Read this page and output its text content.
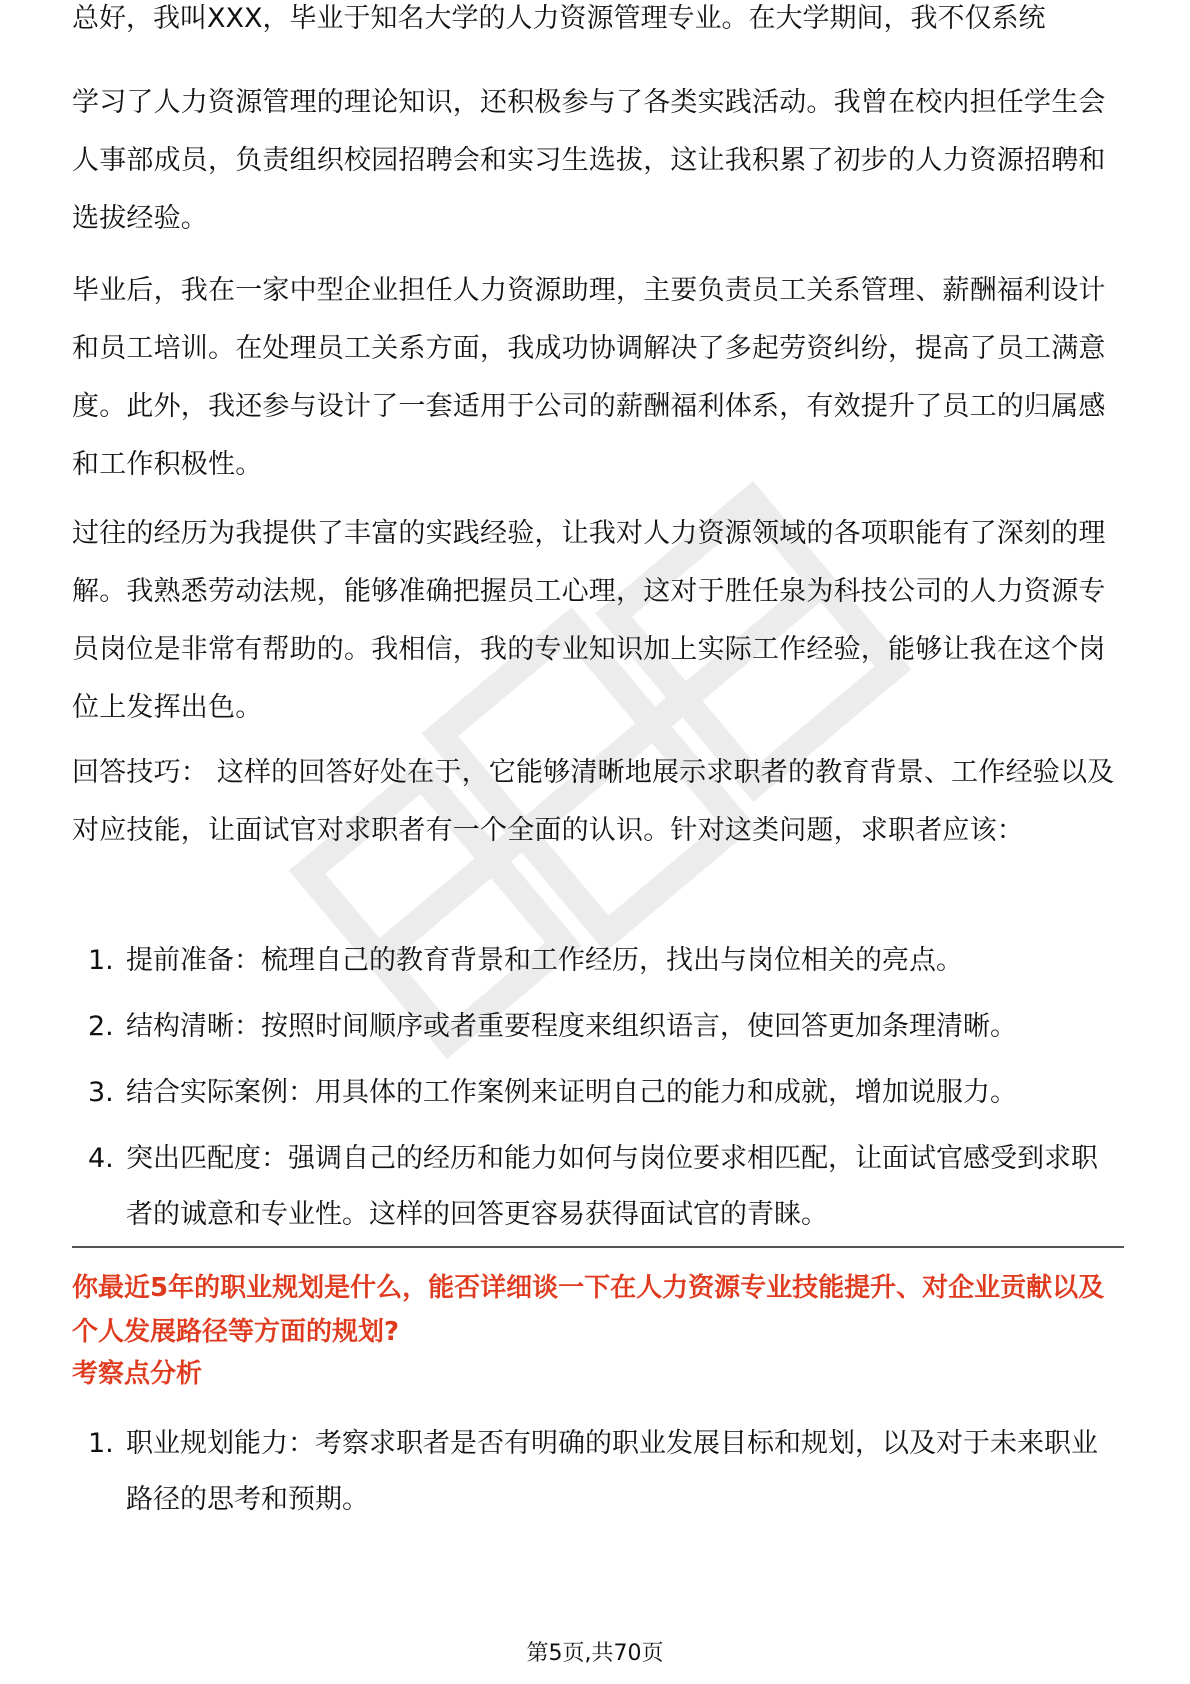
总好，我叫XXX，毕业于知名大学的人力资源管理专业。在大学期间，我不仅系统

学习了人力资源管理的理论知识，还积极参与了各类实践活动。我曾在校内担任学生会人事部成员，负责组织校园招聘会和实习生选拔，这让我积累了初步的人力资源招聘和选拔经验。

毕业后，我在一家中型企业担任人力资源助理，主要负责员工关系管理、薪酬福利设计和员工培训。在处理员工关系方面，我成功协调解决了多起劳资纠纷，提高了员工满意度。此外，我还参与设计了一套适用于公司的薪酬福利体系，有效提升了员工的归属感和工作积极性。

过往的经历为我提供了丰富的实践经验，让我对人力资源领域的各项职能有了深刻的理解。我熟悉劳动法规，能够准确把握员工心理，这对于胜任泉为科技公司的人力资源专员岗位是非常有帮助的。我相信，我的专业知识加上实际工作经验，能够让我在这个岗位上发挥出色。

回答技巧： 这样的回答好处在于，它能够清晰地展示求职者的教育背景、工作经验以及对应技能，让面试官对求职者有一个全面的认识。针对这类问题，求职者应该：

1. 提前准备：梳理自己的教育背景和工作经历，找出与岗位相关的亮点。
2. 结构清晰：按照时间顺序或者重要程度来组织语言，使回答更加条理清晰。
3. 结合实际案例：用具体的工作案例来证明自己的能力和成就，增加说服力。
4. 突出匹配度：强调自己的经历和能力如何与岗位要求相匹配，让面试官感受到求职者的诚意和专业性。这样的回答更容易获得面试官的青睐。

你最近5年的职业规划是什么，能否详细谈一下在人力资源专业技能提升、对企业贡献以及个人发展路径等方面的规划?

考察点分析

1. 职业规划能力：考察求职者是否有明确的职业发展目标和规划，以及对于未来职业路径的思考和预期。
第5页,共70页
